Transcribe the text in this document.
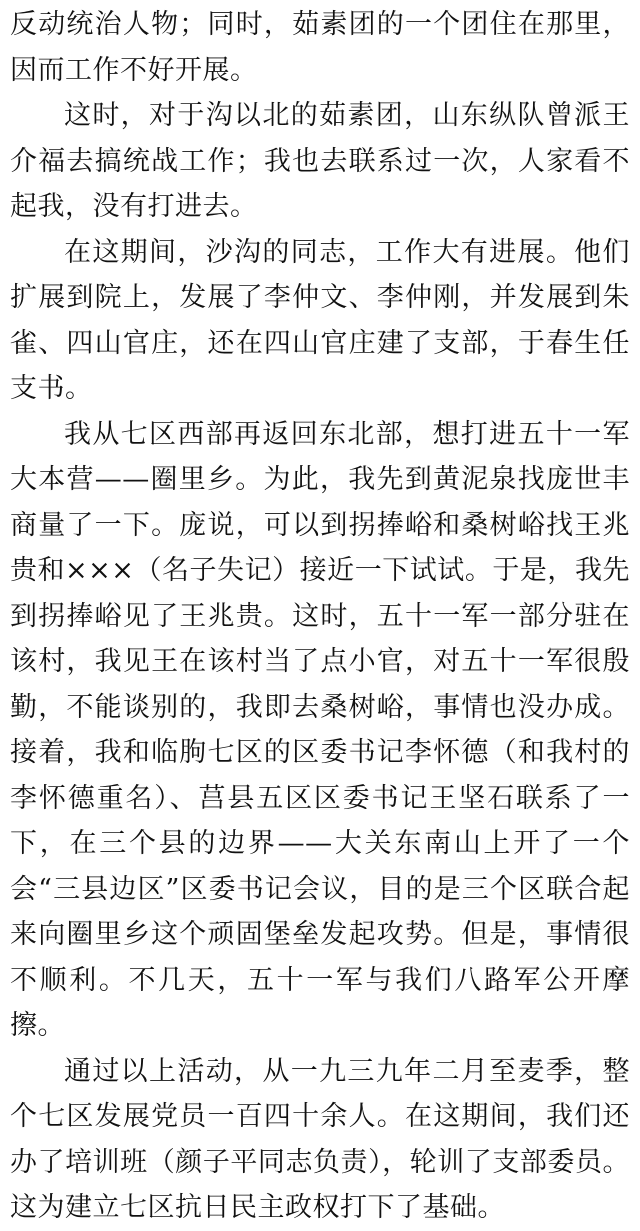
反动统治人物；同时，茹素团的一个团住在那里，因而工作不好开展。

这时，对于沟以北的茹素团，山东纵队曾派王介福去搞统战工作；我也去联系过一次，人家看不起我，没有打进去。

在这期间，沙沟的同志，工作大有进展。他们扩展到院上，发展了李仲文、李仲刚，并发展到朱雀、四山官庄，还在四山官庄建了支部，于春生任支书。

我从七区西部再返回东北部，想打进五十一军大本营——圈里乡。为此，我先到黄泥泉找庞世丰商量了一下。庞说，可以到拐捧峪和桑树峪找王兆贵和×××（名子失记）接近一下试试。于是，我先到拐捧峪见了王兆贵。这时，五十一军一部分驻在该村，我见王在该村当了点小官，对五十一军很殷勤，不能谈别的，我即去桑树峪，事情也没办成。接着，我和临朐七区的区委书记李怀德（和我村的李怀德重名）、莒县五区区委书记王坚石联系了一下，在三个县的边界——大关东南山上开了一个会“三县边区”区委书记会议，目的是三个区联合起来向圈里乡这个顽固堡垒发起攻势。但是，事情很不顺利。不几天，五十一军与我们八路军公开摩擦。

通过以上活动，从一九三九年二月至麦季，整个七区发展党员一百四十余人。在这期间，我们还办了培训班（颜子平同志负责），轮训了支部委员。这为建立七区抗日民主政权打下了基础。
